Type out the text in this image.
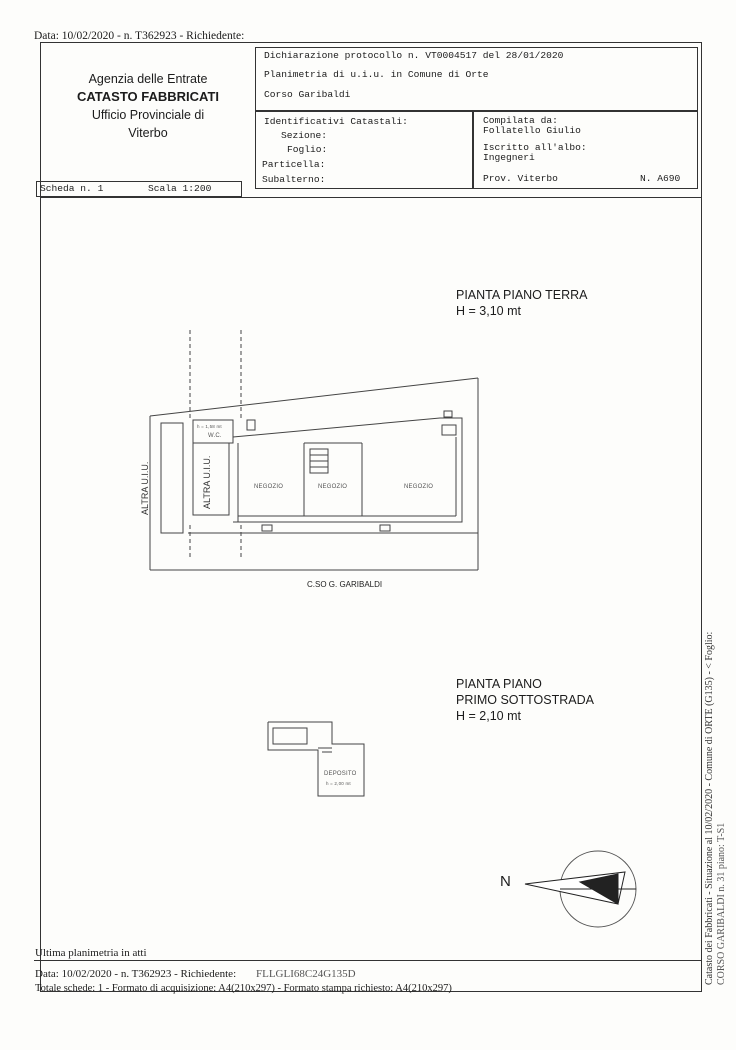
Data: 10/02/2020 - n. T362923 - Richiedente:
Agenzia delle Entrate
CATASTO FABBRICATI
Ufficio Provinciale di
Viterbo
Dichiarazione protocollo n. VT0004517 del 28/01/2020
Planimetria di u.i.u. in Comune di Orte
Corso Garibaldi
Identificativi Catastali:
Sezione:
Foglio:
Particella:
Subalterno:
Compilata da:
Follatello Giulio
Iscritto all'albo:
Ingegneri
Prov. Viterbo	N. A690
Scheda n. 1	Scala 1:200
PIANTA PIANO TERRA
H = 3,10 mt
ALTRA U.I.U.	ALTRA U.I.U.
W.C.
h = 1,58 mt
NEGOZIO	NEGOZIO	NEGOZIO
C.SO G. GARIBALDI
PIANTA PIANO
PRIMO SOTTOSTRADA
H = 2,10 mt
DEPOSITO
h = 2,00 mt
N	Catasto dei Fabbricati - Situazione al 10/02/2020 - Comune di ORTE (G135) - < Foglio: CORSO GARIBALDI n. 31 piano: T-S1
Ultima planimetria in atti
Data: 10/02/2020 - n. T362923 - Richiedente: FLLGLI68C24G135D
Totale schede: 1 - Formato di acquisizione: A4(210x297) - Formato stampa richiesto: A4(210x297)
